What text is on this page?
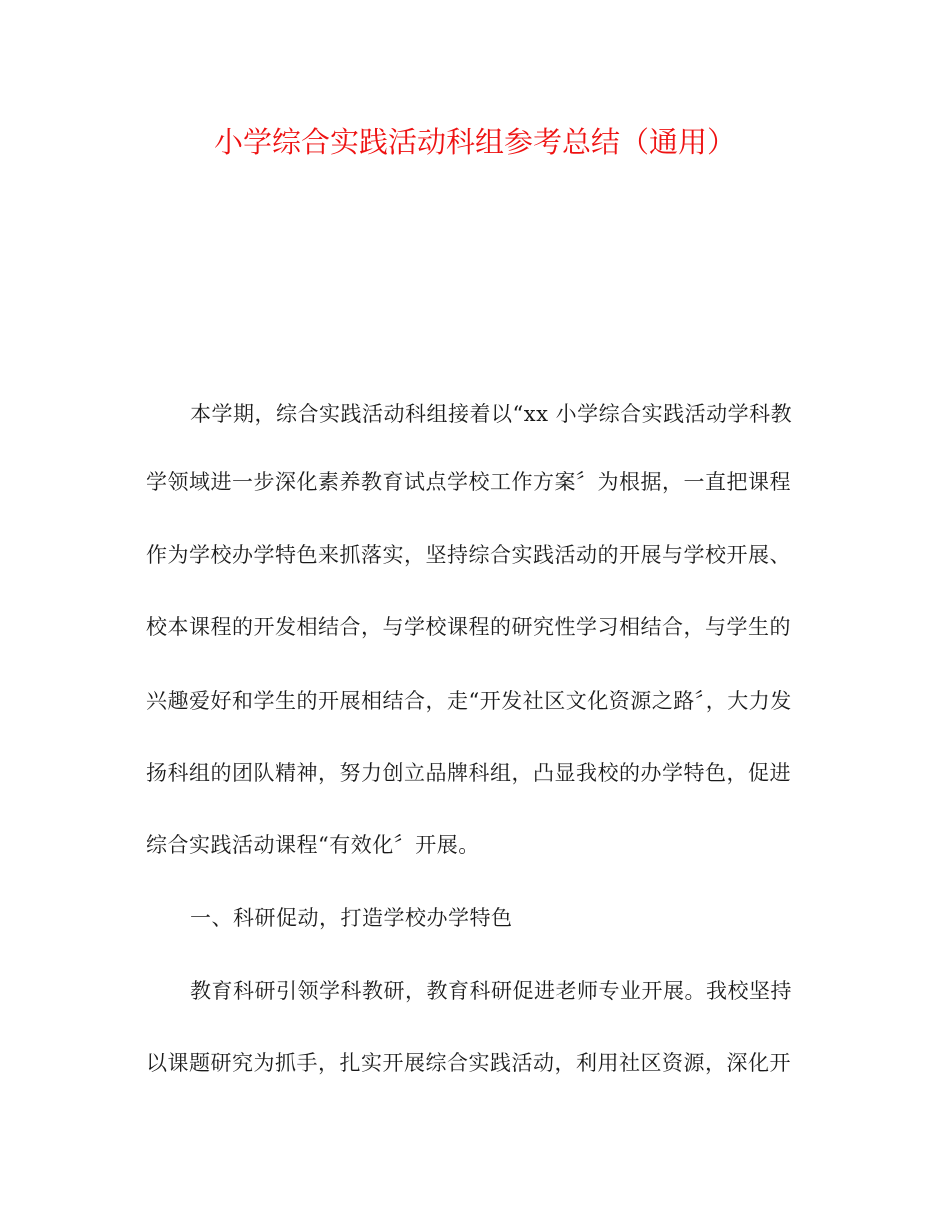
小学综合实践活动科组参考总结（通用）
本学期，综合实践活动科组接着以“xx 小学综合实践活动学科教
学领域进一步深化素养教育试点学校工作方案〞为根据，一直把课程
作为学校办学特色来抓落实，坚持综合实践活动的开展与学校开展、
校本课程的开发相结合，与学校课程的研究性学习相结合，与学生的
兴趣爱好和学生的开展相结合，走“开发社区文化资源之路〞，大力发
扬科组的团队精神，努力创立品牌科组，凸显我校的办学特色，促进
综合实践活动课程“有效化〞开展。
一、科研促动，打造学校办学特色
教育科研引领学科教研，教育科研促进老师专业开展。我校坚持
以课题研究为抓手，扎实开展综合实践活动，利用社区资源，深化开
